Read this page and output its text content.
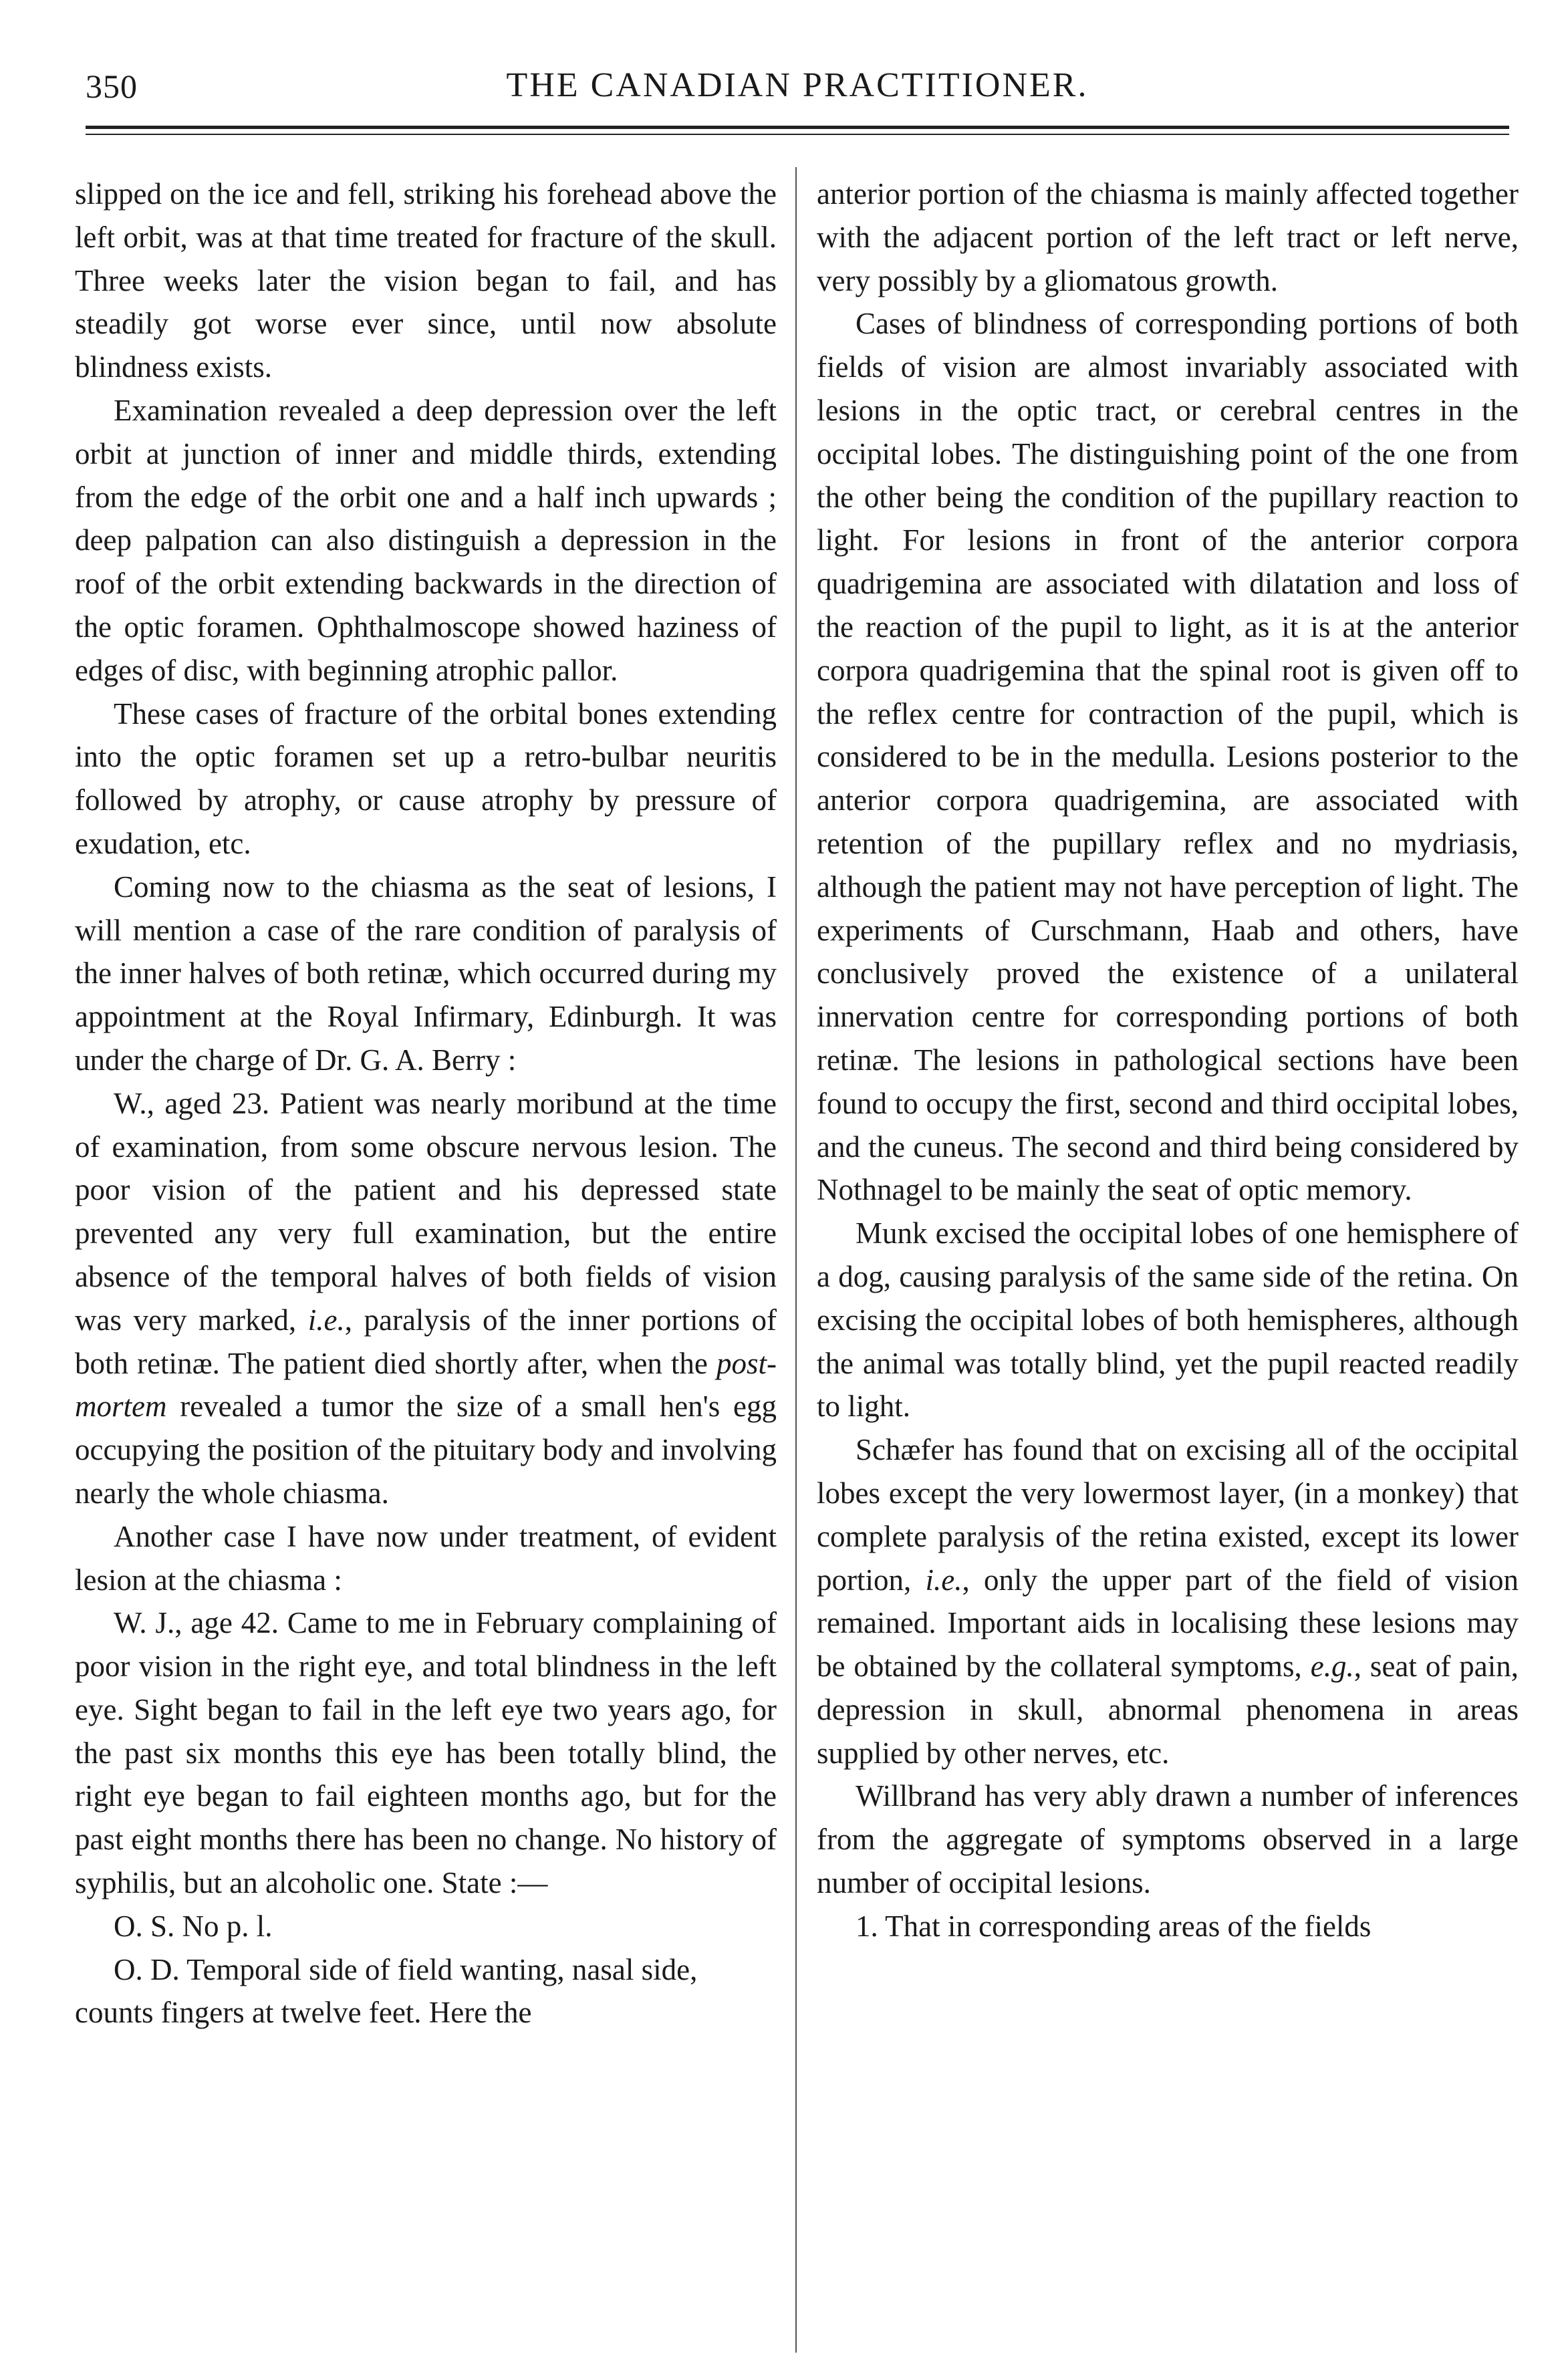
350	THE CANADIAN PRACTITIONER.

slipped on the ice and fell, striking his forehead above the left orbit, was at that time treated for fracture of the skull. Three weeks later the vision began to fail, and has steadily got worse ever since, until now absolute blindness exists.

Examination revealed a deep depression over the left orbit at junction of inner and middle thirds, extending from the edge of the orbit one and a half inch upwards ; deep palpation can also distinguish a depression in the roof of the orbit extending backwards in the direction of the optic foramen. Ophthalmoscope showed haziness of edges of disc, with beginning atrophic pallor.

These cases of fracture of the orbital bones extending into the optic foramen set up a retro-bulbar neuritis followed by atrophy, or cause atrophy by pressure of exudation, etc.

Coming now to the chiasma as the seat of lesions, I will mention a case of the rare condition of paralysis of the inner halves of both retinæ, which occurred during my appointment at the Royal Infirmary, Edinburgh. It was under the charge of Dr. G. A. Berry :

W., aged 23. Patient was nearly moribund at the time of examination, from some obscure nervous lesion. The poor vision of the patient and his depressed state prevented any very full examination, but the entire absence of the temporal halves of both fields of vision was very marked, i.e., paralysis of the inner portions of both retinæ. The patient died shortly after, when the post-mortem revealed a tumor the size of a small hen's egg occupying the position of the pituitary body and involving nearly the whole chiasma.

Another case I have now under treatment, of evident lesion at the chiasma :

W. J., age 42. Came to me in February complaining of poor vision in the right eye, and total blindness in the left eye. Sight began to fail in the left eye two years ago, for the past six months this eye has been totally blind, the right eye began to fail eighteen months ago, but for the past eight months there has been no change. No history of syphilis, but an alcoholic one. State :—

O. S. No p. l.

O. D. Temporal side of field wanting, nasal side, counts fingers at twelve feet. Here the

anterior portion of the chiasma is mainly affected together with the adjacent portion of the left tract or left nerve, very possibly by a gliomatous growth.

Cases of blindness of corresponding portions of both fields of vision are almost invariably associated with lesions in the optic tract, or cerebral centres in the occipital lobes. The distinguishing point of the one from the other being the condition of the pupillary reaction to light. For lesions in front of the anterior corpora quadrigemina are associated with dilatation and loss of the reaction of the pupil to light, as it is at the anterior corpora quadrigemina that the spinal root is given off to the reflex centre for contraction of the pupil, which is considered to be in the medulla. Lesions posterior to the anterior corpora quadrigemina, are associated with retention of the pupillary reflex and no mydriasis, although the patient may not have perception of light. The experiments of Curschmann, Haab and others, have conclusively proved the existence of a unilateral innervation centre for corresponding portions of both retinæ. The lesions in pathological sections have been found to occupy the first, second and third occipital lobes, and the cuneus. The second and third being considered by Nothnagel to be mainly the seat of optic memory.

Munk excised the occipital lobes of one hemisphere of a dog, causing paralysis of the same side of the retina. On excising the occipital lobes of both hemispheres, although the animal was totally blind, yet the pupil reacted readily to light.

Schæfer has found that on excising all of the occipital lobes except the very lowermost layer, (in a monkey) that complete paralysis of the retina existed, except its lower portion, i.e., only the upper part of the field of vision remained. Important aids in localising these lesions may be obtained by the collateral symptoms, e.g., seat of pain, depression in skull, abnormal phenomena in areas supplied by other nerves, etc.

Willbrand has very ably drawn a number of inferences from the aggregate of symptoms observed in a large number of occipital lesions.

1. That in corresponding areas of the fields
